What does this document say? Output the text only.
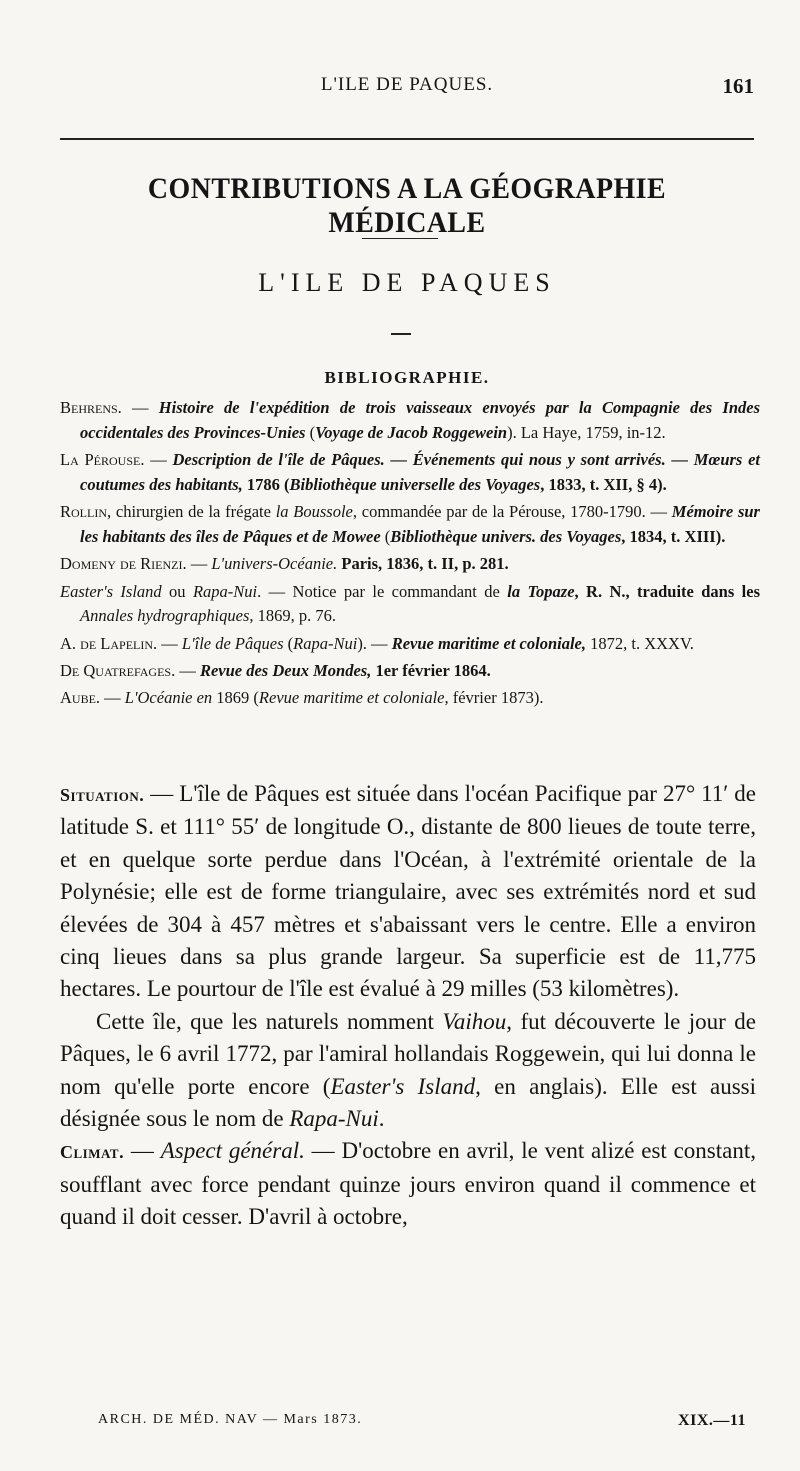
L'ILE DE PAQUES.	161
CONTRIBUTIONS A LA GÉOGRAPHIE MÉDICALE
L'ILE DE PAQUES
BIBLIOGRAPHIE.

Behrens. — Histoire de l'expédition de trois vaisseaux envoyés par la Compagnie des Indes occidentales des Provinces-Unies (Voyage de Jacob Roggewein). La Haye, 1759, in-12.

La Pérouse. — Description de l'île de Pâques. — Événements qui nous y sont arrivés. — Mœurs et coutumes des habitants, 1786 (Bibliothèque universelle des Voyages, 1833, t. XII, § 4).

Rollin, chirurgien de la frégate la Boussole, commandée par de la Pérouse, 1780-1790. — Mémoire sur les habitants des îles de Pâques et de Mowee (Bibliothèque univers. des Voyages, 1834, t. XIII).

Domeny de Rienzi. — L'univers-Océanie. Paris, 1836, t. II, p. 281.

Easter's Island ou Rapa-Nui. — Notice par le commandant de la Topaze, R. N., traduite dans les Annales hydrographiques, 1869, p. 76.

A. de Lapelin. — L'île de Pâques (Rapa-Nui). — Revue maritime et coloniale, 1872, t. XXXV.

De Quatrefages. — Revue des Deux Mondes, 1er février 1864.

Aube. — L'Océanie en 1869 (Revue maritime et coloniale, février 1873).

Situation. — L'île de Pâques est située dans l'océan Pacifique par 27° 11′ de latitude S. et 111° 55′ de longitude O., distante de 800 lieues de toute terre, et en quelque sorte perdue dans l'Océan, à l'extrémité orientale de la Polynésie; elle est de forme triangulaire, avec ses extrémités nord et sud élevées de 304 à 457 mètres et s'abaissant vers le centre. Elle a environ cinq lieues dans sa plus grande largeur. Sa superficie est de 11,775 hectares. Le pourtour de l'île est évalué à 29 milles (53 kilomètres).

Cette île, que les naturels nomment Vaihou, fut découverte le jour de Pâques, le 6 avril 1772, par l'amiral hollandais Roggewein, qui lui donna le nom qu'elle porte encore (Easter's Island, en anglais). Elle est aussi désignée sous le nom de Rapa-Nui.

Climat. — Aspect général. — D'octobre en avril, le vent alizé est constant, soufflant avec force pendant quinze jours environ quand il commence et quand il doit cesser. D'avril à octobre,

ARCH. DE MÉD. NAV — Mars 1873.	XIX.—11
